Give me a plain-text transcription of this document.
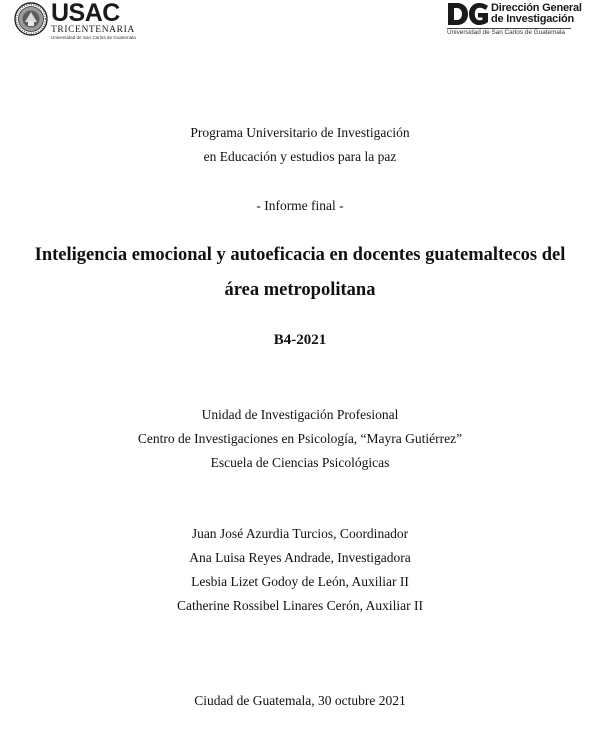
USAC
TRICENTENARIA
Universidad de San Carlos de Guatemala
Dirección General
de Investigación
Universidad de San Carlos de Guatemala
Programa Universitario de Investigación
en Educación y estudios para la paz
- Informe final -
Inteligencia emocional y autoeficacia en docentes guatemaltecos del
área metropolitana
B4-2021
Unidad de Investigación Profesional
Centro de Investigaciones en Psicología, “Mayra Gutiérrez”
Escuela de Ciencias Psicológicas
Juan José Azurdia Turcios, Coordinador
Ana Luisa Reyes Andrade, Investigadora
Lesbia Lizet Godoy de León, Auxiliar II
Catherine Rossibel Linares Cerón, Auxiliar II
Ciudad de Guatemala, 30 octubre 2021
